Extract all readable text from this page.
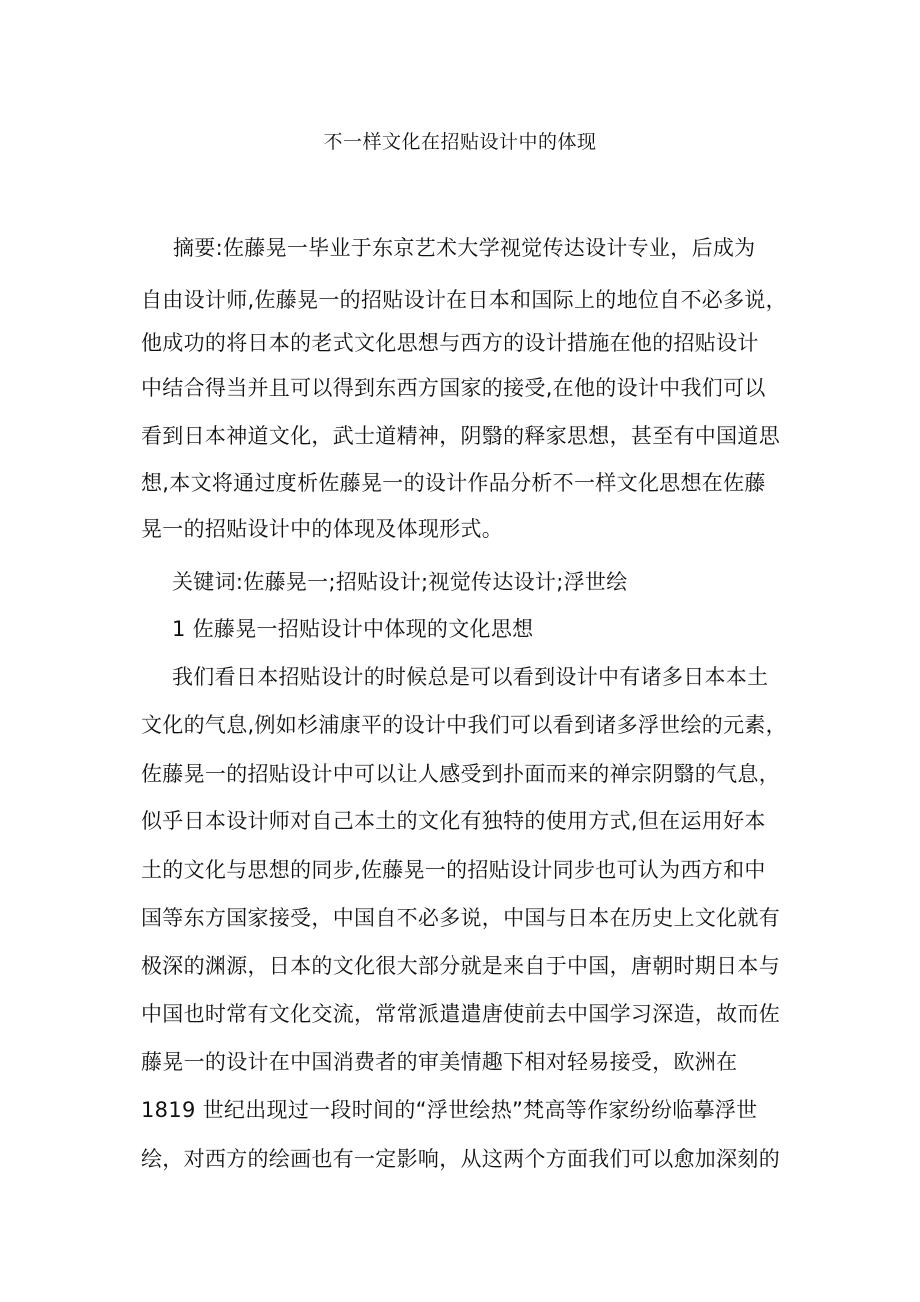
不一样文化在招贴设计中的体现
摘要:佐藤晃一毕业于东京艺术大学视觉传达设计专业，后成为
自由设计师,佐藤晃一的招贴设计在日本和国际上的地位自不必多说，
他成功的将日本的老式文化思想与西方的设计措施在他的招贴设计
中结合得当并且可以得到东西方国家的接受,在他的设计中我们可以
看到日本神道文化，武士道精神，阴翳的释家思想，甚至有中国道思
想,本文将通过度析佐藤晃一的设计作品分析不一样文化思想在佐藤
晃一的招贴设计中的体现及体现形式。
关键词:佐藤晃一;招贴设计;视觉传达设计;浮世绘
1 佐藤晃一招贴设计中体现的文化思想
我们看日本招贴设计的时候总是可以看到设计中有诸多日本本土
文化的气息,例如杉浦康平的设计中我们可以看到诸多浮世绘的元素，
佐藤晃一的招贴设计中可以让人感受到扑面而来的禅宗阴翳的气息，
似乎日本设计师对自己本土的文化有独特的使用方式,但在运用好本
土的文化与思想的同步,佐藤晃一的招贴设计同步也可认为西方和中
国等东方国家接受，中国自不必多说，中国与日本在历史上文化就有
极深的渊源，日本的文化很大部分就是来自于中国，唐朝时期日本与
中国也时常有文化交流，常常派遣遣唐使前去中国学习深造，故而佐
藤晃一的设计在中国消费者的审美情趣下相对轻易接受，欧洲在
1819 世纪出现过一段时间的“浮世绘热”梵高等作家纷纷临摹浮世
绘，对西方的绘画也有一定影响，从这两个方面我们可以愈加深刻的
